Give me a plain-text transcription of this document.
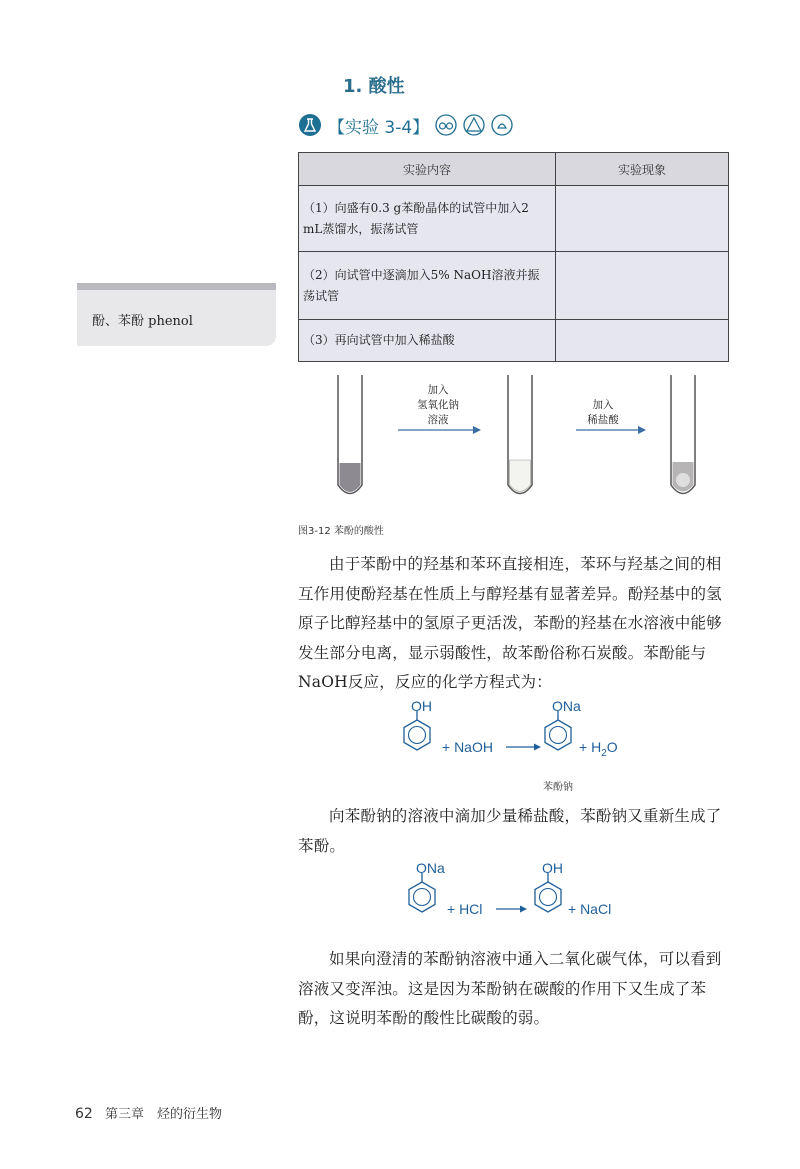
1. 酸性
【实验 3-4】
酚、苯酚 phenol
实验内容	实验现象
（1）向盛有0.3 g苯酚晶体的试管中加入2 mL蒸馏水，振荡试管	
（2）向试管中逐滴加入5% NaOH溶液并振荡试管	
（3）再向试管中加入稀盐酸	
加入
氢氧化钠
溶液
加入
稀盐酸
图3-12 苯酚的酸性
由于苯酚中的羟基和苯环直接相连，苯环与羟基之间的相互作用使酚羟基在性质上与醇羟基有显著差异。酚羟基中的氢原子比醇羟基中的氢原子更活泼，苯酚的羟基在水溶液中能够发生部分电离，显示弱酸性，故苯酚俗称石炭酸。苯酚能与NaOH反应，反应的化学方程式为：
OH
+ NaOH
ONa
+ $H_2O$
苯酚钠
向苯酚钠的溶液中滴加少量稀盐酸，苯酚钠又重新生成了苯酚。
ONa
+ HCl
OH
+ NaCl
如果向澄清的苯酚钠溶液中通入二氧化碳气体，可以看到溶液又变浑浊。这是因为苯酚钠在碳酸的作用下又生成了苯酚，这说明苯酚的酸性比碳酸的弱。
62 第三章　烃的衍生物
